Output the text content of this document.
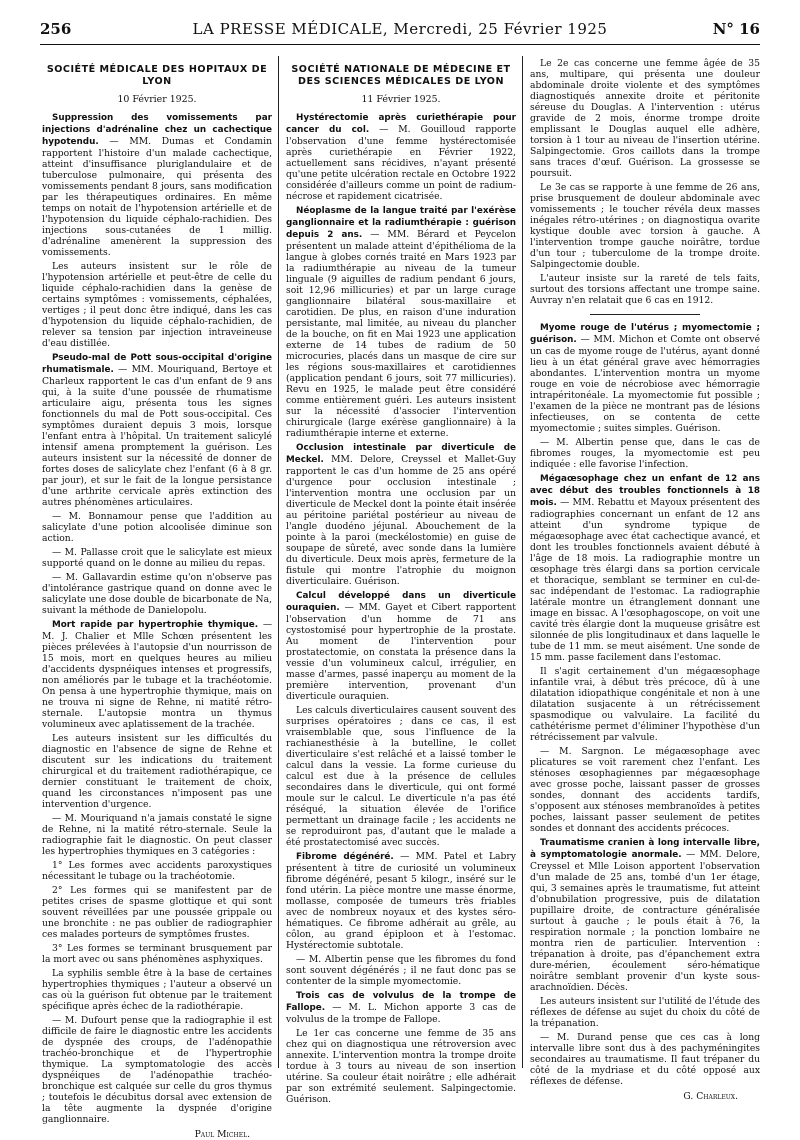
LA PRESSE MÉDICALE, Mercredi, 25 Février 1925
256	N° 16
SOCIÉTÉ MÉDICALE DES HOPITAUX DE LYON
10 Février 1925.

Suppression des vomissements par injections d'adrénaline chez un cachectique hypotendu. — MM. Dumas et Condamin rapportent l'histoire d'un malade cachectique, atteint d'insuffisance pluriglandulaire et de tuberculose pulmonaire, qui présenta des vomissements pendant 8 jours, sans modification par les thérapeutiques ordinaires. En même temps on notait de l'hypotension artérielle et de l'hypotension du liquide céphalo-rachidien. Des injections sous-cutanées de 1 millig. d'adrénaline amenèrent la suppression des vomissements.

Les auteurs insistent sur le rôle de l'hypotension artérielle et peut-être de celle du liquide céphalo-rachidien dans la genèse de certains symptômes : vomissements, céphalées, vertiges ; il peut donc être indiqué, dans les cas d'hypotension du liquide céphalo-rachidien, de relever sa tension par injection intraveineuse d'eau distillée.

Pseudo-mal de Pott sous-occipital d'origine rhumatismale. — MM. Mouriquand, Bertoye et Charleux rapportent le cas d'un enfant de 9 ans qui, à la suite d'une poussée de rhumatisme articulaire aigu, présenta tous les signes fonctionnels du mal de Pott sous-occipital. Ces symptômes duraient depuis 3 mois, lorsque l'enfant entra à l'hôpital. Un traitement salicylé intensif amena promptement la guérison. Les auteurs insistent sur la nécessité de donner de fortes doses de salicylate chez l'enfant (6 à 8 gr. par jour), et sur le fait de la longue persistance d'une arthrite cervicale après extinction des autres phénomènes articulaires.

— M. Bonnamour pense que l'addition au salicylate d'une potion alcoolisée diminue son action.

— M. Pallasse croit que le salicylate est mieux supporté quand on le donne au milieu du repas.

— M. Gallavardin estime qu'on n'observe pas d'intolérance gastrique quand on donne avec le salicylate une dose double de bicarbonate de Na, suivant la méthode de Danielopolu.

Mort rapide par hypertrophie thymique. — M. J. Chalier et Mlle Schœn présentent les pièces prélevées à l'autopsie d'un nourrisson de 15 mois, mort en quelques heures au milieu d'accidents dyspnéiques intenses et progressifs, non améliorés par le tubage et la trachéotomie. On pensa à une hypertrophie thymique, mais on ne trouva ni signe de Rehne, ni matité rétro-sternale. L'autopsie montra un thymus volumineux avec aplatissement de la trachée.

Les auteurs insistent sur les difficultés du diagnostic en l'absence de signe de Rehne et discutent sur les indications du traitement chirurgical et du traitement radiothérapique, ce dernier constituant le traitement de choix, quand les circonstances n'imposent pas une intervention d'urgence.

— M. Mouriquand n'a jamais constaté le signe de Rehne, ni la matité rétro-sternale. Seule la radiographie fait le diagnostic. On peut classer les hypertrophies thymiques en 3 catégories :

1° Les formes avec accidents paroxystiques nécessitant le tubage ou la trachéotomie.

2° Les formes qui se manifestent par de petites crises de spasme glottique et qui sont souvent réveillées par une poussée grippale ou une bronchite : ne pas oublier de radiographier ces malades porteurs de symptômes frustes.

3° Les formes se terminant brusquement par la mort avec ou sans phénomènes asphyxiques.

La syphilis semble être à la base de certaines hypertrophies thymiques ; l'auteur a observé un cas où la guérison fut obtenue par le traitement spécifique après échec de la radiothérapie.

— M. Dufourt pense que la radiographie il est difficile de faire le diagnostic entre les accidents de dyspnée des croups, de l'adénopathie trachéo-bronchique et de l'hypertrophie thymique. La symptomatologie des accès dyspnéiques de l'adénopathie trachéo-bronchique est calquée sur celle du gros thymus ; toutefois le décubitus dorsal avec extension de la tête augmente la dyspnée d'origine ganglionnaire.

Paul Michel.
SOCIÉTÉ NATIONALE DE MÉDECINE ET DES SCIENCES MÉDICALES DE LYON
11 Février 1925.

Hystérectomie après curiethérapie pour cancer du col. — M. Gouilloud rapporte l'observation d'une femme hystérectomisée après curiethérapie en Février 1922, actuellement sans récidives, n'ayant présenté qu'une petite ulcération rectale en Octobre 1922 considérée d'ailleurs comme un point de radium-nécrose et rapidement cicatrisée.

Néoplasme de la langue traité par l'exérèse ganglionnaire et la radiumthérapie : guérison depuis 2 ans. — MM. Bérard et Peycelon présentent un malade atteint d'épithélioma de la langue à globes cornés traité en Mars 1923 par la radiumthérapie au niveau de la tumeur linguale (9 aiguilles de radium pendant 6 jours, soit 12,96 millicuries) et par un large curage ganglionnaire bilatéral sous-maxillaire et carotidien. De plus, en raison d'une induration persistante, mal limitée, au niveau du plancher de la bouche, on fit en Mai 1923 une application externe de 14 tubes de radium de 50 microcuries, placés dans un masque de cire sur les régions sous-maxillaires et carotidiennes (application pendant 6 jours, soit 77 millicuries). Revu en 1925, le malade peut être considéré comme entièrement guéri. Les auteurs insistent sur la nécessité d'associer l'intervention chirurgicale (large exérèse ganglionnaire) à la radiumthérapie interne et externe.

Occlusion intestinale par diverticule de Meckel. MM. Delore, Creyssel et Mallet-Guy rapportent le cas d'un homme de 25 ans opéré d'urgence pour occlusion intestinale ; l'intervention montra une occlusion par un diverticule de Meckel dont la pointe était insérée au péritoine pariétal postérieur au niveau de l'angle duodéno jéjunal. Abouchement de la pointe à la paroi (meckélostomie) en guise de soupape de sûreté, avec sonde dans la lumière du diverticule. Deux mois après, fermeture de la fistule qui montre l'atrophie du moignon diverticulaire. Guérison.

Calcul développé dans un diverticule ouraquien. — MM. Gayet et Cibert rapportent l'observation d'un homme de 71 ans cystostomisé pour hypertrophie de la prostate. Au moment de l'intervention pour prostatectomie, on constata la présence dans la vessie d'un volumineux calcul, irrégulier, en masse d'armes, passé inaperçu au moment de la première intervention, provenant d'un diverticule ouraquien.

Les calculs diverticulaires causent souvent des surprises opératoires ; dans ce cas, il est vraisemblable que, sous l'influence de la rachianesthésie à la butelline, le collet diverticulaire s'est relâché et a laissé tomber le calcul dans la vessie. La forme curieuse du calcul est due à la présence de cellules secondaires dans le diverticule, qui ont formé moule sur le calcul. Le diverticule n'a pas été réséqué, la situation élevée de l'orifice permettant un drainage facile ; les accidents ne se reproduiront pas, d'autant que le malade a été prostatectomisé avec succès.

Fibrome dégénéré. — MM. Patel et Labry présentent à titre de curiosité un volumineux fibrome dégénéré, pesant 5 kilogr., inséré sur le fond utérin. La pièce montre une masse énorme, mollasse, composée de tumeurs très friables avec de nombreux noyaux et des kystes séro-hématiques. Ce fibrome adhérait au grêle, au côlon, au grand épiploon et à l'estomac. Hystérectomie subtotale.

— M. Albertin pense que les fibromes du fond sont souvent dégénérés ; il ne faut donc pas se contenter de la simple myomectomie.

Trois cas de volvulus de la trompe de Fallope. — M. L. Michon apporte 3 cas de volvulus de la trompe de Fallope.

Le 1er cas concerne une femme de 35 ans chez qui on diagnostiqua une rétroversion avec annexite. L'intervention montra la trompe droite tordue à 3 tours au niveau de son insertion utérine. Sa couleur était noirâtre ; elle adhérait par son extrémité seulement. Salpingectomie. Guérison.

Le 2e cas concerne une femme âgée de 35 ans, multipare, qui présenta une douleur abdominale droite violente et des symptômes diagnostiqués annexite droite et péritonite séreuse du Douglas. A l'intervention : utérus gravide de 2 mois, énorme trompe droite emplissant le Douglas auquel elle adhère, torsion à 1 tour au niveau de l'insertion utérine. Salpingectomie. Gros caillots dans la trompe sans traces d'œuf. Guérison. La grossesse se poursuit.

Le 3e cas se rapporte à une femme de 26 ans, prise brusquement de douleur abdominale avec vomissements ; le toucher révéla deux masses inégales rétro-utérines ; on diagnostiqua ovarite kystique double avec torsion à gauche. A l'intervention trompe gauche noirâtre, tordue d'un tour ; tuberculome de la trompe droite. Salpingectomie double.

L'auteur insiste sur la rareté de tels faits, surtout des torsions affectant une trompe saine. Auvray n'en relatait que 6 cas en 1912.

Myome rouge de l'utérus ; myomectomie ; guérison. — MM. Michon et Comte ont observé un cas de myome rouge de l'utérus, ayant donné lieu à un état général grave avec hémorragies abondantes. L'intervention montra un myome rouge en voie de nécrobiose avec hémorragie intrapéritonéale. La myomectomie fut possible ; l'examen de la pièce ne montrant pas de lésions infectieuses, on se contenta de cette myomectomie ; suites simples. Guérison.

— M. Albertin pense que, dans le cas de fibromes rouges, la myomectomie est peu indiquée : elle favorise l'infection.

Mégaœsophage chez un enfant de 12 ans avec début des troubles fonctionnels à 18 mois. — MM. Rebattu et Mayoux présentent des radiographies concernant un enfant de 12 ans atteint d'un syndrome typique de mégaœsophage avec état cachectique avancé, et dont les troubles fonctionnels avaient débuté à l'âge de 18 mois. La radiographie montre un œsophage très élargi dans sa portion cervicale et thoracique, semblant se terminer en cul-de-sac indépendant de l'estomac. La radiographie latérale montre un étranglement donnant une image en bissac. A l'œsophagoscope, on voit une cavité très élargie dont la muqueuse grisâtre est silonnée de plis longitudinaux et dans laquelle le tube de 11 mm. se meut aisément. Une sonde de 15 mm. passe facilement dans l'estomac.

Il s'agit certainement d'un mégaœsophage infantile vrai, à début très précoce, dû à une dilatation idiopathique congénitale et non à une dilatation susjacente à un rétrécissement spasmodique ou valvulaire. La facilité du cathétérisme permet d'éliminer l'hypothèse d'un rétrécissement par valvule.

— M. Sargnon. Le mégaœsophage avec plicatures se voit rarement chez l'enfant. Les sténoses œsophagiennes par mégaœsophage avec grosse poche, laissant passer de grosses sondes, donnant des accidents tardifs, s'opposent aux sténoses membranoïdes à petites poches, laissant passer seulement de petites sondes et donnant des accidents précoces.

Traumatisme cranien à long intervalle libre, à symptomatologie anormale. — MM. Delore, Creyssel et Mlle Loison apportent l'observation d'un malade de 25 ans, tombé d'un 1er étage, qui, 3 semaines après le traumatisme, fut atteint d'obnubilation progressive, puis de dilatation pupillaire droite, de contracture généralisée surtout à gauche ; le pouls était à 76, la respiration normale ; la ponction lombaire ne montra rien de particulier. Intervention : trépanation à droite, pas d'épanchement extra dure-mérien, écoulement séro-hématique noirâtre semblant provenir d'un kyste sous-arachnoïdien. Décès.

Les auteurs insistent sur l'utilité de l'étude des réflexes de défense au sujet du choix du côté de la trépanation.

— M. Durand pense que ces cas à long intervalle libre sont dus à des pachyméningites secondaires au traumatisme. Il faut trépaner du côté de la mydriase et du côté opposé aux réflexes de défense.

G. Charleux.
